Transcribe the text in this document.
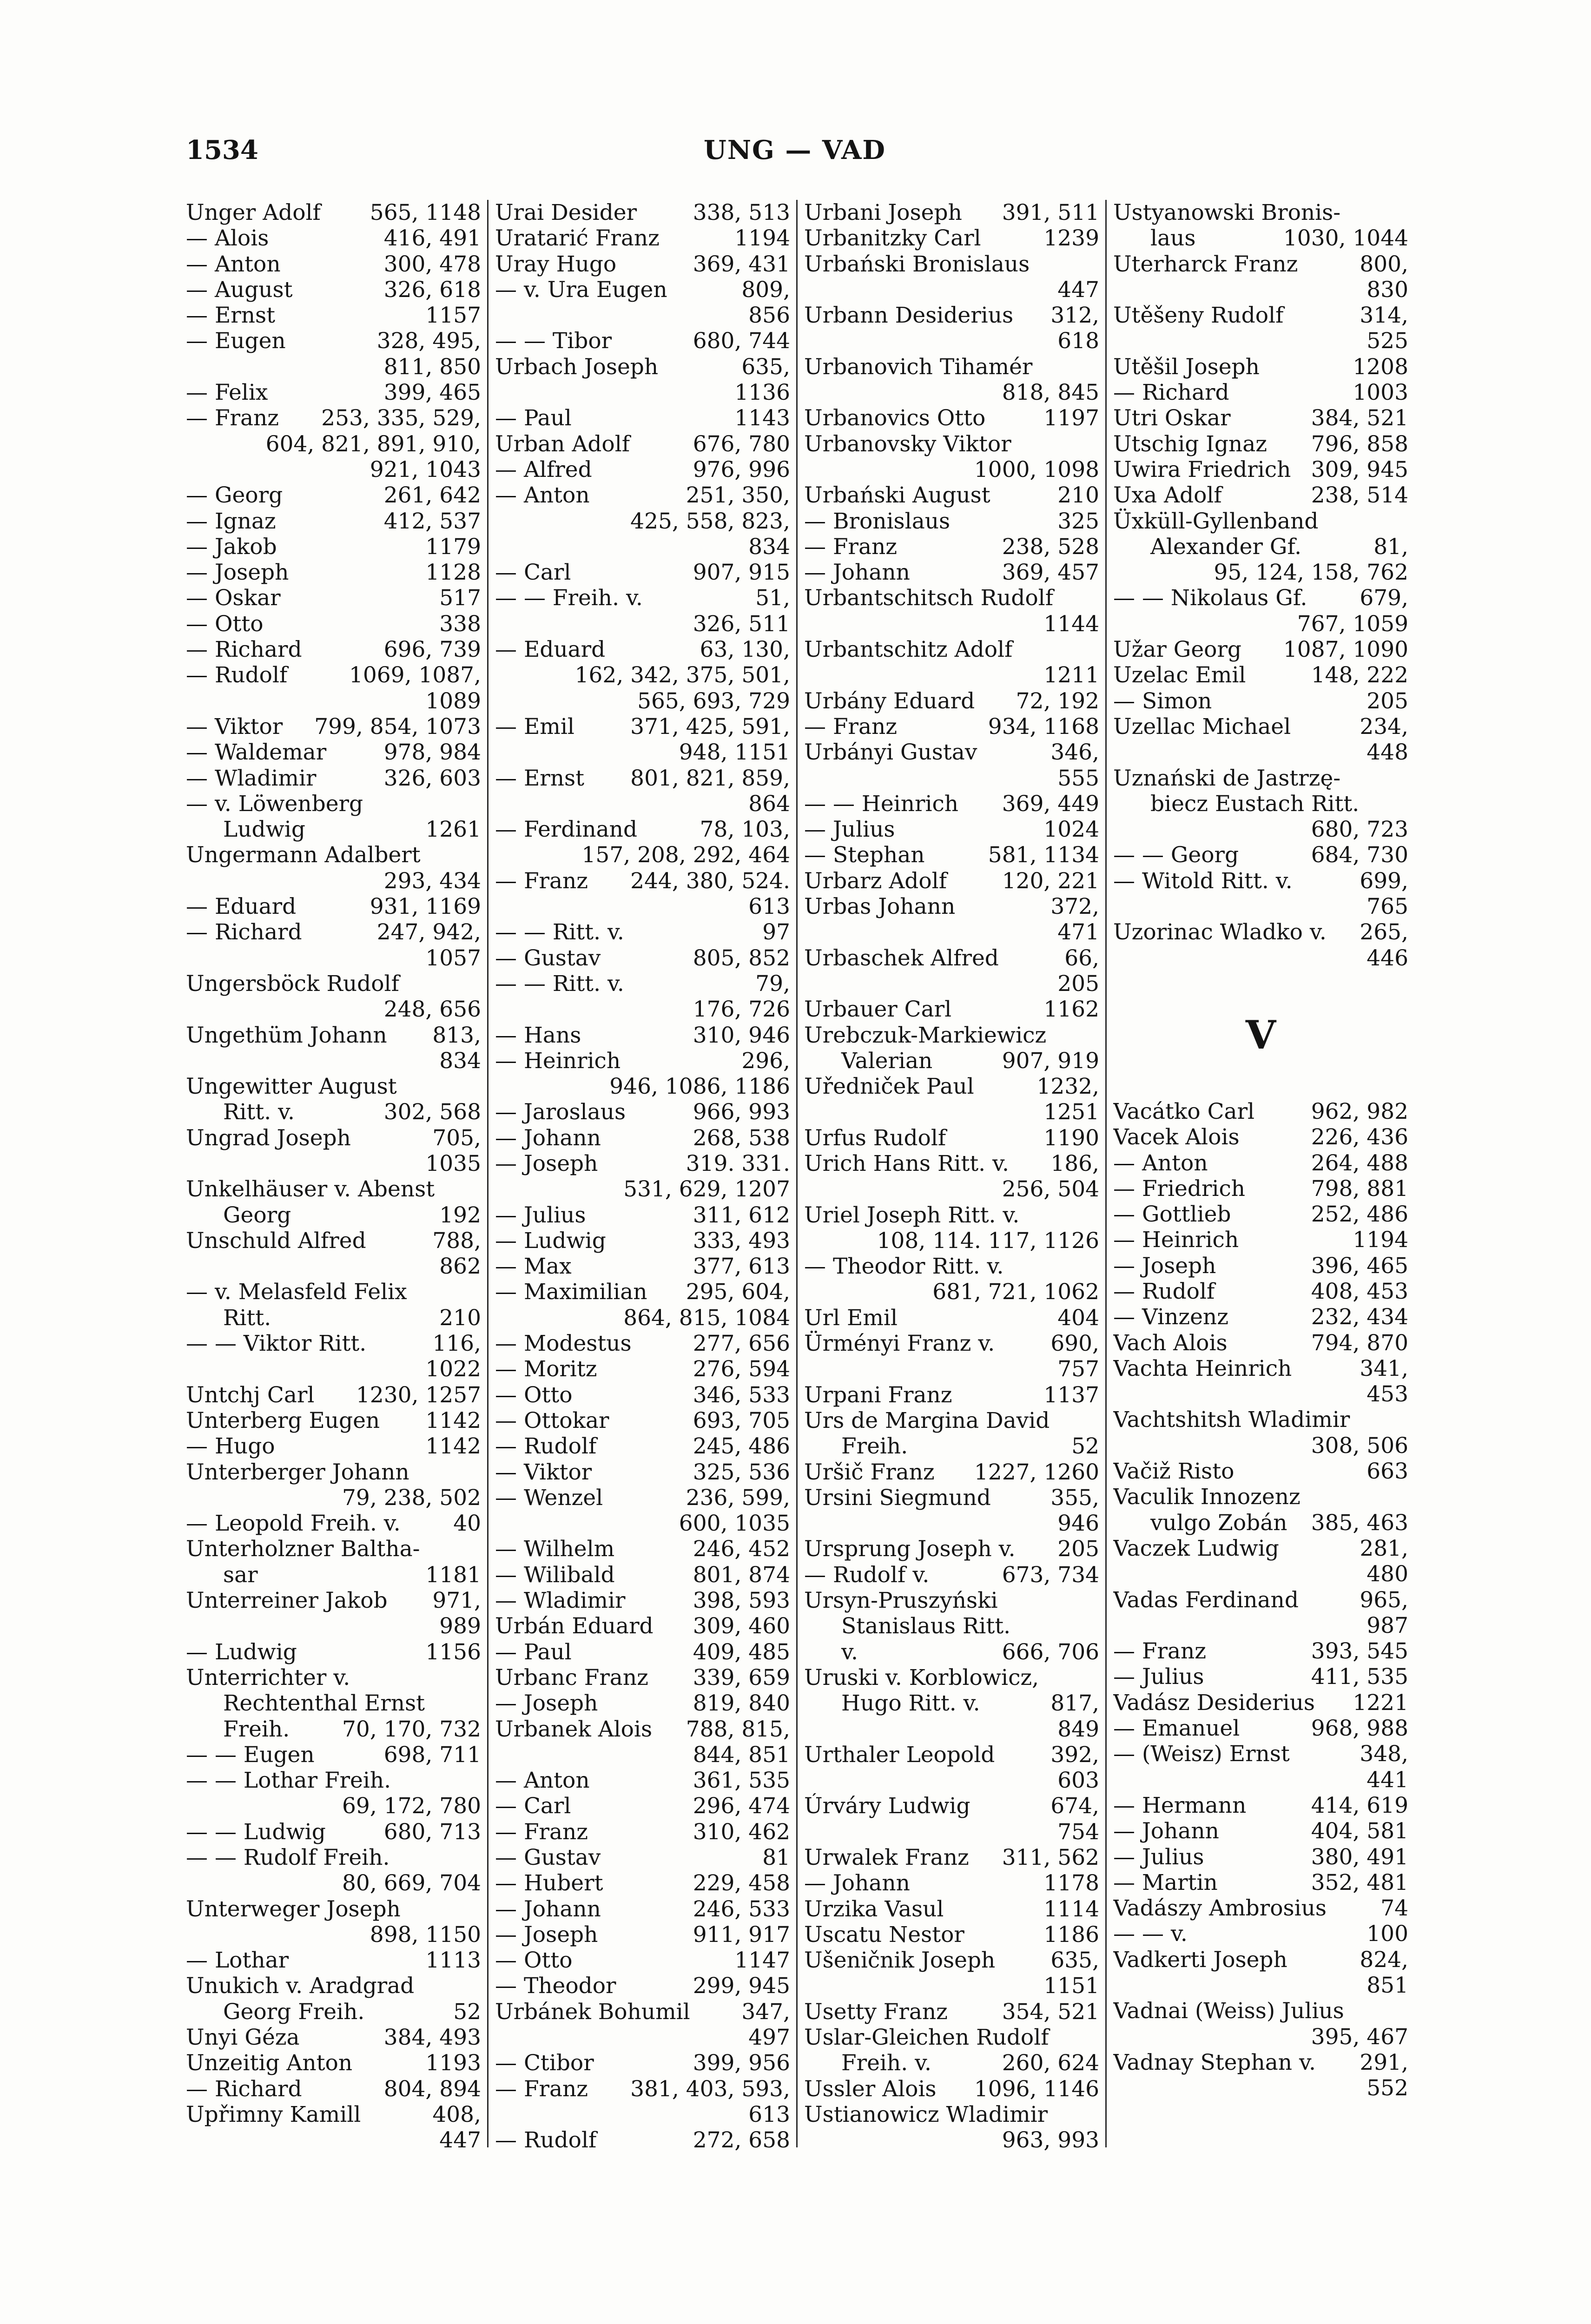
1534	UNG — VAD
Unger Adolf	565, 1148
— Alois	416, 491
— Anton	300, 478
— August	326, 618
— Ernst	1157
— Eugen	328, 495,
811, 850
— Felix	399, 465
— Franz	253, 335, 529,
604, 821, 891, 910,
921, 1043
— Georg	261, 642
— Ignaz	412, 537
— Jakob	1179
— Joseph	1128
— Oskar	517
— Otto	338
— Richard	696, 739
— Rudolf	1069, 1087,
1089
— Viktor	799, 854, 1073
— Waldemar	978, 984
— Wladimir	326, 603
— v. Löwenberg
Ludwig	1261
Ungermann Adalbert
293, 434
— Eduard	931, 1169
— Richard	247, 942,
1057
Ungersböck Rudolf
248, 656
Ungethüm Johann	813,
834
Ungewitter August
Ritt. v.	302, 568
Ungrad Joseph	705,
1035
Unkelhäuser v. Abenst
Georg	192
Unschuld Alfred	788,
862
— v. Melasfeld Felix
Ritt.	210
— — Viktor Ritt.	116,
1022
Untchj Carl	1230, 1257
Unterberg Eugen	1142
— Hugo	1142
Unterberger Johann
79, 238, 502
— Leopold Freih. v.	40
Unterholzner Baltha-
sar	1181
Unterreiner Jakob	971,
989
— Ludwig	1156
Unterrichter v.
Rechtenthal Ernst
Freih.	70, 170, 732
— — Eugen	698, 711
— — Lothar Freih.
69, 172, 780
— — Ludwig	680, 713
— — Rudolf Freih.
80, 669, 704
Unterweger Joseph
898, 1150
— Lothar	1113
Unukich v. Aradgrad
Georg Freih.	52
Unyi Géza	384, 493
Unzeitig Anton	1193
— Richard	804, 894
Upřimny Kamill	408,
447
Urai Desider	338, 513
Uratarić Franz	1194
Uray Hugo	369, 431
— v. Ura Eugen	809,
856
— — Tibor	680, 744
Urbach Joseph	635,
1136
— Paul	1143
Urban Adolf	676, 780
— Alfred	976, 996
— Anton	251, 350,
425, 558, 823,
834
— Carl	907, 915
— — Freih. v.	51,
326, 511
— Eduard	63, 130,
162, 342, 375, 501,
565, 693, 729
— Emil	371, 425, 591,
948, 1151
— Ernst	801, 821, 859,
864
— Ferdinand	78, 103,
157, 208, 292, 464
— Franz	244, 380, 524.
613
— — Ritt. v.	97
— Gustav	805, 852
— — Ritt. v.	79,
176, 726
— Hans	310, 946
— Heinrich	296,
946, 1086, 1186
— Jaroslaus	966, 993
— Johann	268, 538
— Joseph	319. 331.
531, 629, 1207
— Julius	311, 612
— Ludwig	333, 493
— Max	377, 613
— Maximilian	295, 604,
864, 815, 1084
— Modestus	277, 656
— Moritz	276, 594
— Otto	346, 533
— Ottokar	693, 705
— Rudolf	245, 486
— Viktor	325, 536
— Wenzel	236, 599,
600, 1035
— Wilhelm	246, 452
— Wilibald	801, 874
— Wladimir	398, 593
Urbán Eduard	309, 460
— Paul	409, 485
Urbanc Franz	339, 659
— Joseph	819, 840
Urbanek Alois	788, 815,
844, 851
— Anton	361, 535
— Carl	296, 474
— Franz	310, 462
— Gustav	81
— Hubert	229, 458
— Johann	246, 533
— Joseph	911, 917
— Otto	1147
— Theodor	299, 945
Urbánek Bohumil	347,
497
— Ctibor	399, 956
— Franz	381, 403, 593,
613
— Rudolf	272, 658
Urbani Joseph	391, 511
Urbanitzky Carl	1239
Urbański Bronislaus
447
Urbann Desiderius	312,
618
Urbanovich Tihamér
818, 845
Urbanovics Otto	1197
Urbanovsky Viktor
1000, 1098
Urbański August	210
— Bronislaus	325
— Franz	238, 528
— Johann	369, 457
Urbantschitsch Rudolf
1144
Urbantschitz Adolf
1211
Urbány Eduard	72, 192
— Franz	934, 1168
Urbányi Gustav	346,
555
— — Heinrich	369, 449
— Julius	1024
— Stephan	581, 1134
Urbarz Adolf	120, 221
Urbas Johann	372,
471
Urbaschek Alfred	66,
205
Urbauer Carl	1162
Urebczuk-Markiewicz
Valerian	907, 919
Uředniček Paul	1232,
1251
Urfus Rudolf	1190
Urich Hans Ritt. v.	186,
256, 504
Uriel Joseph Ritt. v.
108, 114. 117, 1126
— Theodor Ritt. v.
681, 721, 1062
Url Emil	404
Ürményi Franz v.	690,
757
Urpani Franz	1137
Urs de Margina David
Freih.	52
Uršič Franz	1227, 1260
Ursini Siegmund	355,
946
Ursprung Joseph v.	205
— Rudolf v.	673, 734
Ursyn-Pruszyński
Stanislaus Ritt.
v.	666, 706
Uruski v. Korblowicz,
Hugo Ritt. v.	817,
849
Urthaler Leopold	392,
603
Úrváry Ludwig	674,
754
Urwalek Franz	311, 562
— Johann	1178
Urzika Vasul	1114
Uscatu Nestor	1186
Ušeničnik Joseph	635,
1151
Usetty Franz	354, 521
Uslar-Gleichen Rudolf
Freih. v.	260, 624
Ussler Alois	1096, 1146
Ustianowicz Wladimir
963, 993
Ustyanowski Bronis-
laus	1030, 1044
Uterharck Franz	800,
830
Utěšeny Rudolf	314,
525
Utěšil Joseph	1208
— Richard	1003
Utri Oskar	384, 521
Utschig Ignaz	796, 858
Uwira Friedrich 309, 945
Uxa Adolf	238, 514
Üxküll-Gyllenband
Alexander Gf.	81,
95, 124, 158, 762
— — Nikolaus Gf.	679,
767, 1059
Užar Georg	1087, 1090
Uzelac Emil	148, 222
— Simon	205
Uzellac Michael	234,
448
Uznański de Jastrzę-
biecz Eustach Ritt.
680, 723
— — Georg	684, 730
— Witold Ritt. v.	699,
765
Uzorinac Wladko v.	265,
446
V
Vacátko Carl	962, 982
Vacek Alois	226, 436
— Anton	264, 488
— Friedrich	798, 881
— Gottlieb	252, 486
— Heinrich	1194
— Joseph	396, 465
— Rudolf	408, 453
— Vinzenz	232, 434
Vach Alois	794, 870
Vachta Heinrich	341,
453
Vachtshitsh Wladimir
308, 506
Vačiž Risto	663
Vaculik Innozenz
vulgo Zobán	385, 463
Vaczek Ludwig	281,
480
Vadas Ferdinand	965,
987
— Franz	393, 545
— Julius	411, 535
Vadász Desiderius	1221
— Emanuel	968, 988
— (Weisz) Ernst	348,
441
— Hermann	414, 619
— Johann	404, 581
— Julius	380, 491
— Martin	352, 481
Vadászy Ambrosius	74
— — v.	100
Vadkerti Joseph	824,
851
Vadnai (Weiss) Julius
395, 467
Vadnay Stephan v.	291,
552
